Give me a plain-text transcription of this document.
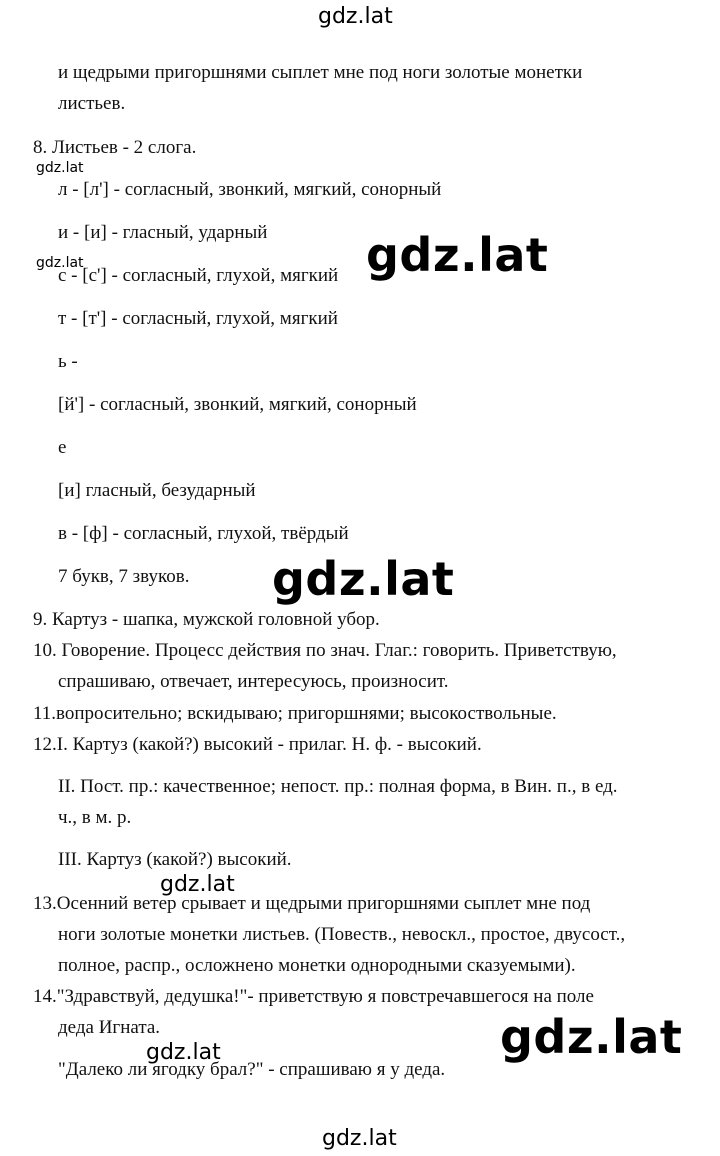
gdz.lat
gdz.lat
gdz.lat	gdz.lat
gdz.lat
gdz.lat
gdz.lat
gdz.lat
gdz.lat
и щедрыми пригоршнями сыплет мне под ноги золотые монетки
листьев.
8. Листьев - 2 слога.
л - [л'] - согласный, звонкий, мягкий, сонорный
и - [и] - гласный, ударный
с - [с'] - согласный, глухой, мягкий
т - [т'] - согласный, глухой, мягкий
ь -
[й'] - согласный, звонкий, мягкий, сонорный
е
[и] гласный, безударный
в - [ф] - согласный, глухой, твёрдый
7 букв, 7 звуков.
9. Картуз - шапка, мужской головной убор.
10. Говорение. Процесс действия по знач. Глаг.: говорить. Приветствую,
спрашиваю, отвечает, интересуюсь, произносит.
11.вопросительно; вскидываю; пригоршнями; высокоствольные.
12.I. Картуз (какой?) высокий - прилаг. Н. ф. - высокий.
II. Пост. пр.: качественное; непост. пр.: полная форма, в Вин. п., в ед.
ч., в м. р.
III. Картуз (какой?) высокий.
13.Осенний ветер срывает и щедрыми пригоршнями сыплет мне под
ноги золотые монетки листьев. (Повеств., невоскл., простое, двусост.,
полное, распр., осложнено монетки однородными сказуемыми).
14."Здравствуй, дедушка!"- приветствую я повстречавшегося на поле
деда Игната.
"Далеко ли ягодку брал?" - спрашиваю я у деда.
